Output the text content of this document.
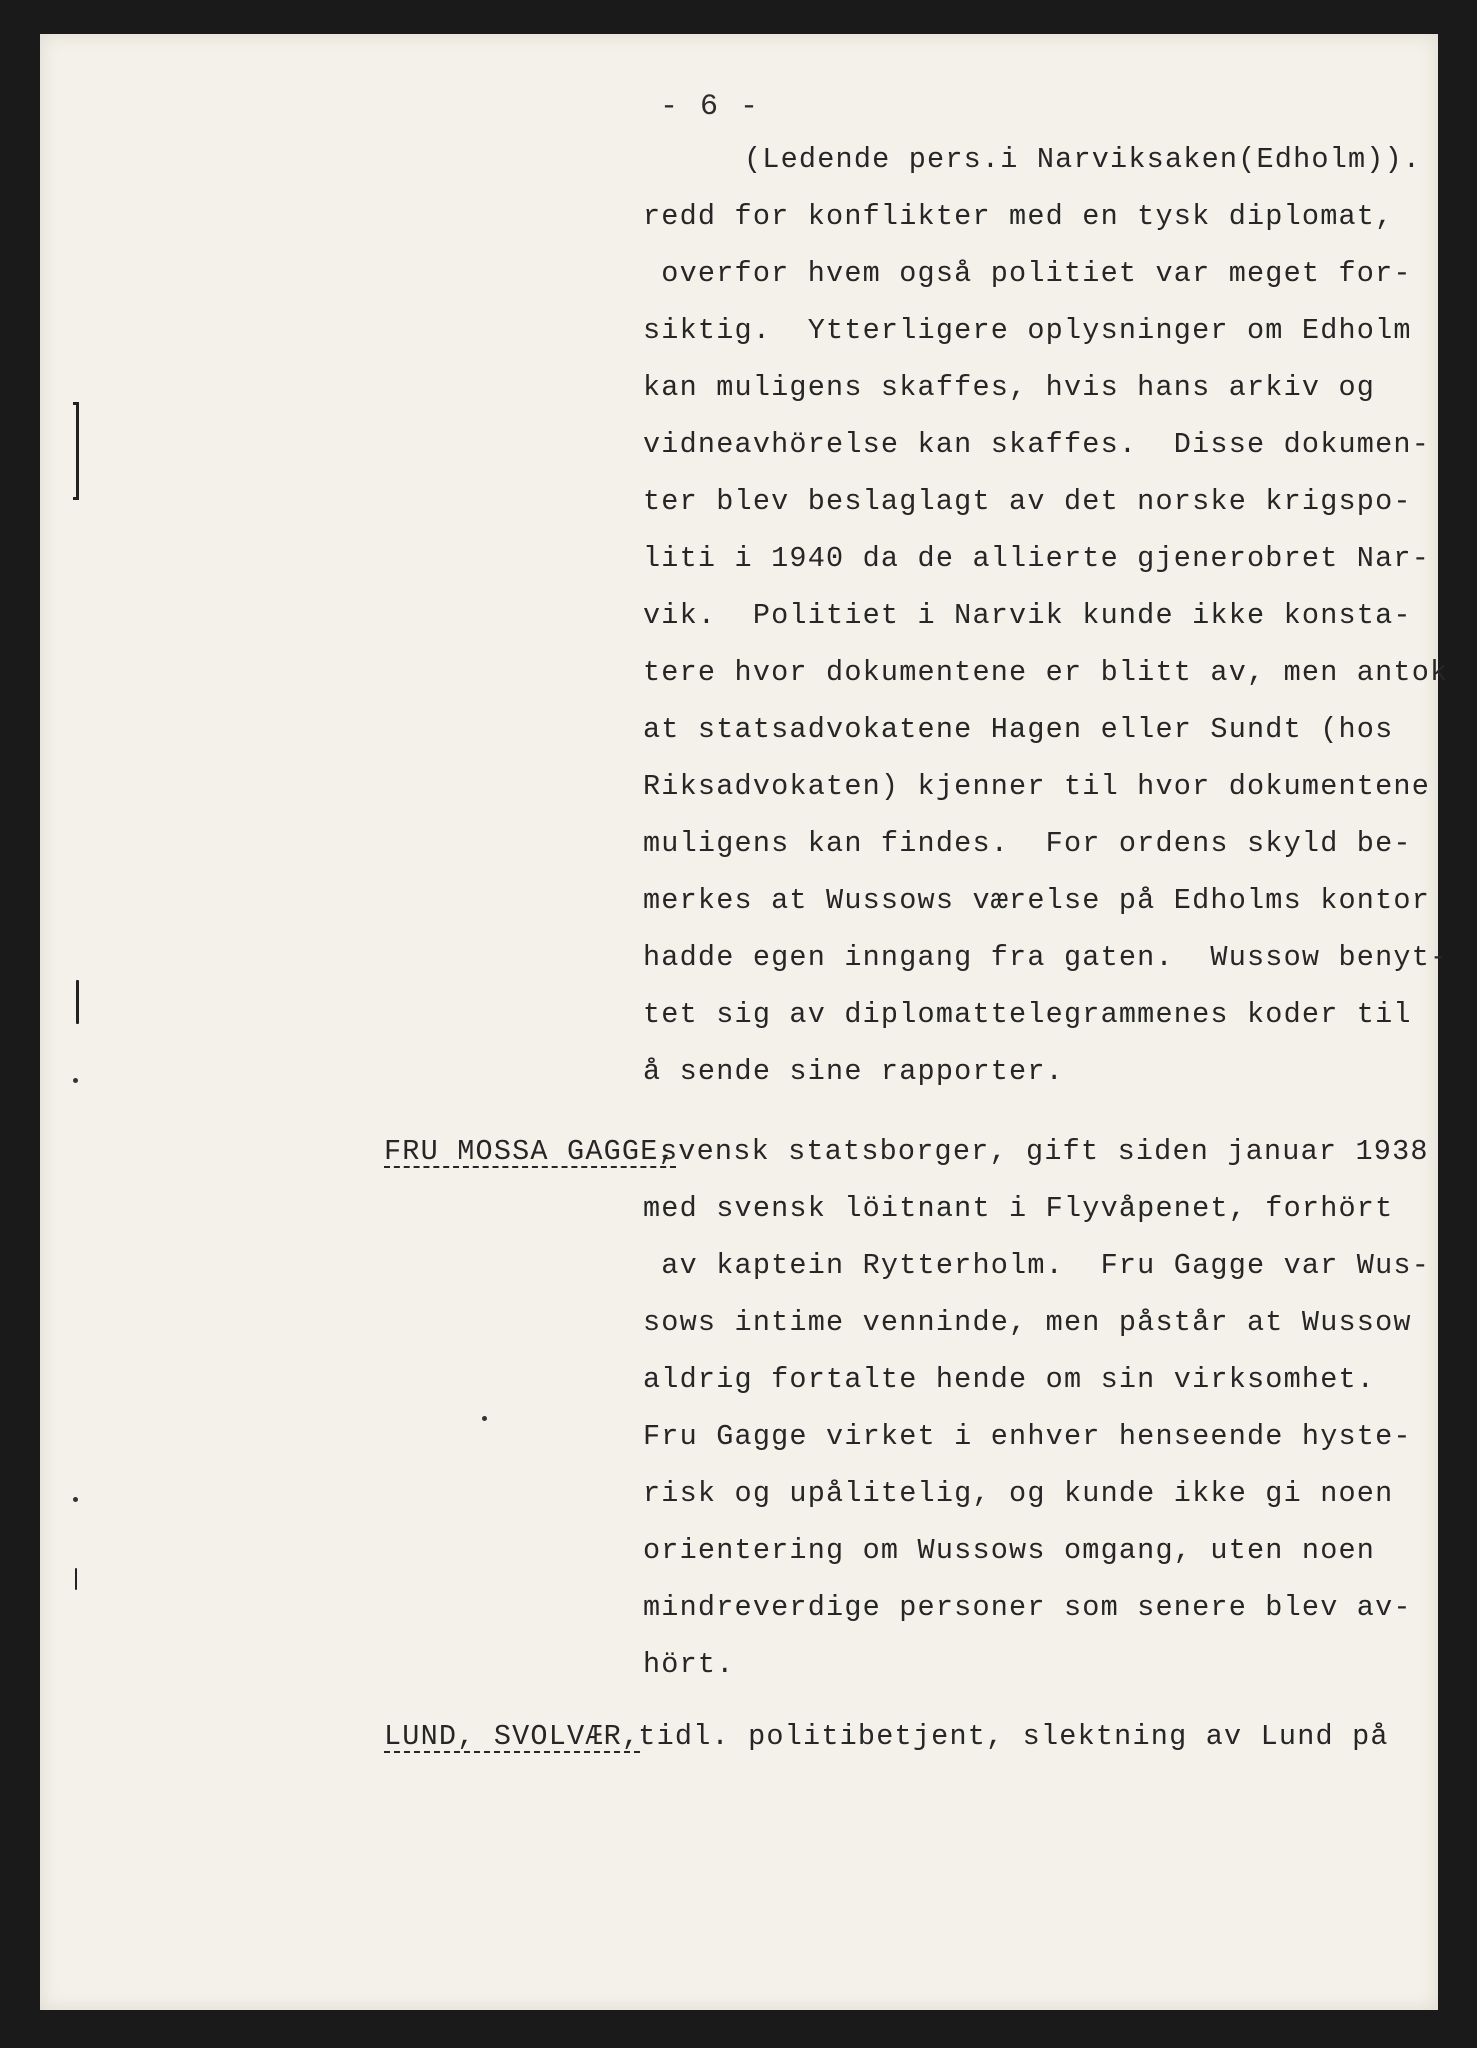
- 6 -
(Ledende pers.i Narviksaken(Edholm)).
redd for konflikter med en tysk diplomat,
overfor hvem også politiet var meget for-
siktig.  Ytterligere oplysninger om Edholm
kan muligens skaffes, hvis hans arkiv og
vidneavhörelse kan skaffes.  Disse dokumen-
ter blev beslaglagt av det norske krigspo-
liti i 1940 da de allierte gjenerobret Nar-
vik.  Politiet i Narvik kunde ikke konsta-
tere hvor dokumentene er blitt av, men antok
at statsadvokatene Hagen eller Sundt (hos
Riksadvokaten) kjenner til hvor dokumentene
muligens kan findes.  For ordens skyld be-
merkes at Wussows værelse på Edholms kontor
hadde egen inngang fra gaten.  Wussow benyt-
tet sig av diplomattelegrammenes koder til
å sende sine rapporter.
FRU MOSSA GAGGE,
svensk statsborger, gift siden januar 1938
med svensk löitnant i Flyvåpenet, forhört
av kaptein Rytterholm.  Fru Gagge var Wus-
sows intime venninde, men påstår at Wussow
aldrig fortalte hende om sin virksomhet.
Fru Gagge virket i enhver henseende hyste-
risk og upålitelig, og kunde ikke gi noen
orientering om Wussows omgang, uten noen
mindreverdige personer som senere blev av-
hört.
LUND, SVOLVÆR,
tidl. politibetjent, slektning av Lund på
